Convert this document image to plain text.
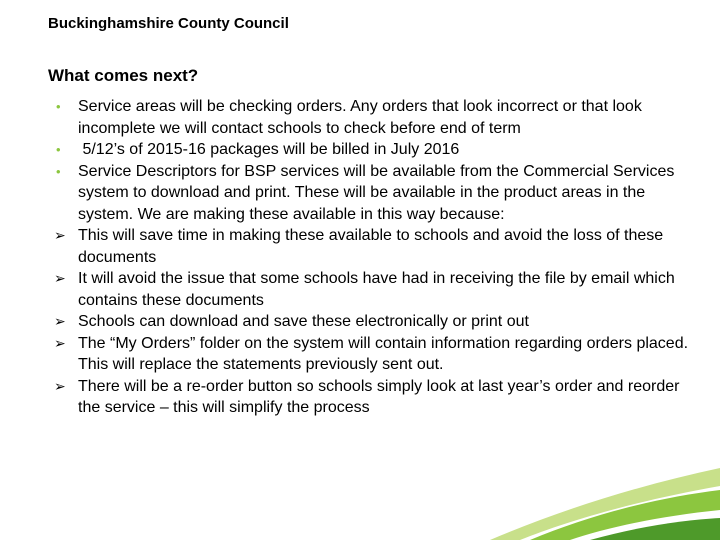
Buckinghamshire County Council
What comes next?
•	Service areas will be checking orders. Any orders that look incorrect or that look incomplete we will contact schools to check before end of term
•	5/12’s of 2015-16 packages will be billed in July 2016
•	Service Descriptors for BSP services will be available from the Commercial Services system to download and print. These will be available in the product areas in the system. We are making these available in this way because:
➢ This will save time in making these available to schools and avoid the loss of these documents
➢ It will avoid the issue that some schools have had in receiving the file by email which contains these documents
➢ Schools can download and save these electronically or print out
➢ The “My Orders” folder on the system will contain information regarding orders placed. This will replace the statements previously sent out.
➢ There will be a re-order button so schools simply look at last year’s order and reorder the service – this will simplify the process
